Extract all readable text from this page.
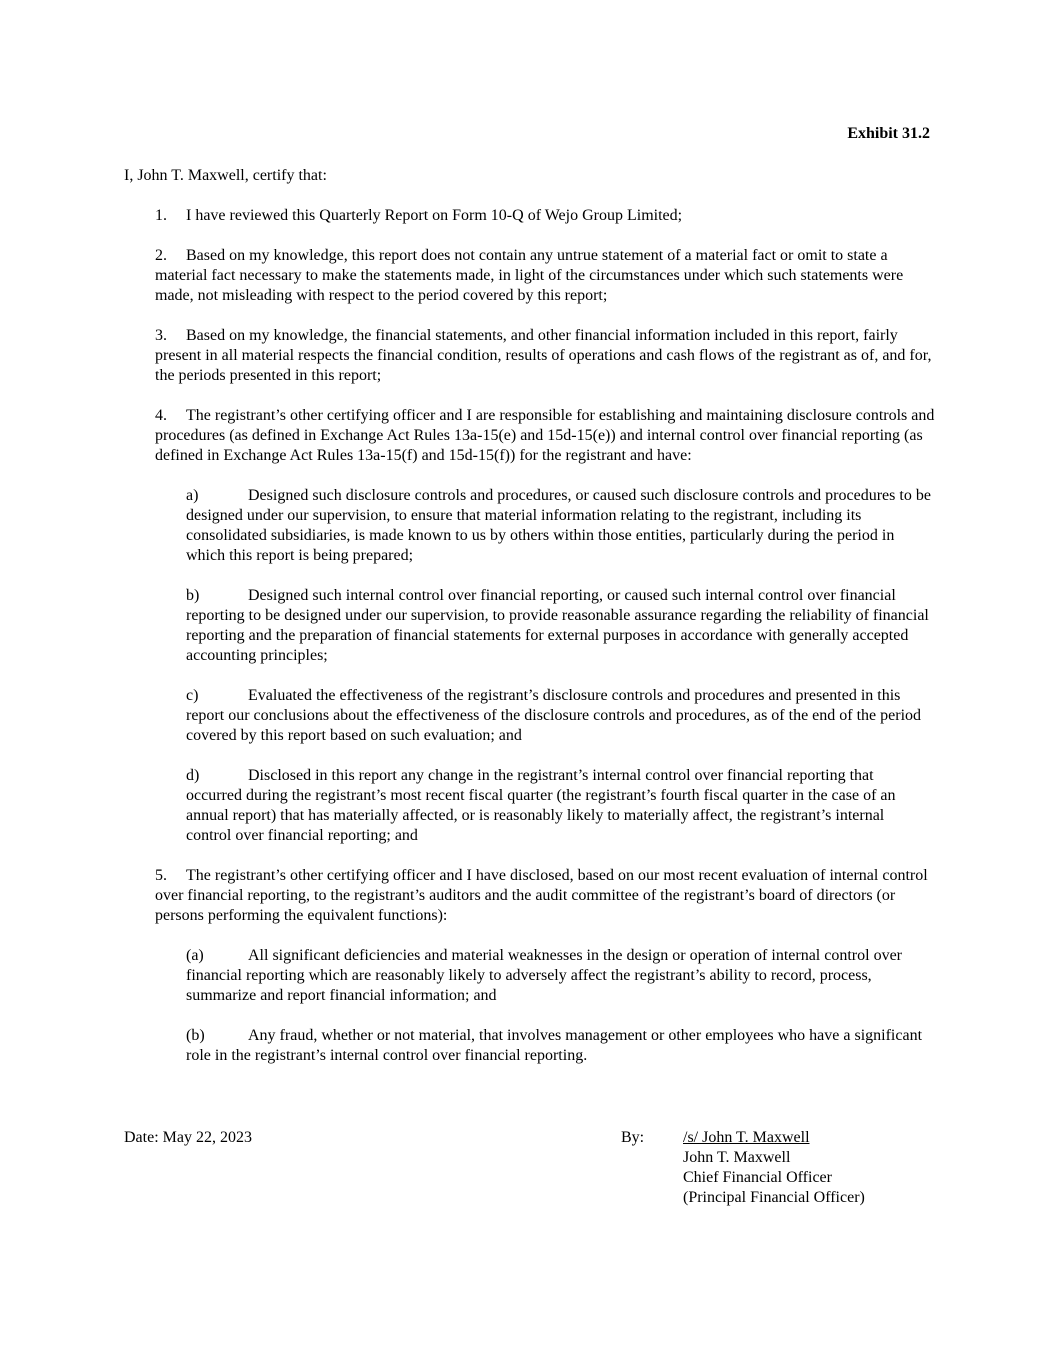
Exhibit 31.2
I, John T. Maxwell, certify that:
1. I have reviewed this Quarterly Report on Form 10-Q of Wejo Group Limited;
2. Based on my knowledge, this report does not contain any untrue statement of a material fact or omit to state a material fact necessary to make the statements made, in light of the circumstances under which such statements were made, not misleading with respect to the period covered by this report;
3. Based on my knowledge, the financial statements, and other financial information included in this report, fairly present in all material respects the financial condition, results of operations and cash flows of the registrant as of, and for, the periods presented in this report;
4. The registrant’s other certifying officer and I are responsible for establishing and maintaining disclosure controls and procedures (as defined in Exchange Act Rules 13a-15(e) and 15d-15(e)) and internal control over financial reporting (as defined in Exchange Act Rules 13a-15(f) and 15d-15(f)) for the registrant and have:
a)	Designed such disclosure controls and procedures, or caused such disclosure controls and procedures to be designed under our supervision, to ensure that material information relating to the registrant, including its consolidated subsidiaries, is made known to us by others within those entities, particularly during the period in which this report is being prepared;
b)	Designed such internal control over financial reporting, or caused such internal control over financial reporting to be designed under our supervision, to provide reasonable assurance regarding the reliability of financial reporting and the preparation of financial statements for external purposes in accordance with generally accepted accounting principles;
c)	Evaluated the effectiveness of the registrant’s disclosure controls and procedures and presented in this report our conclusions about the effectiveness of the disclosure controls and procedures, as of the end of the period covered by this report based on such evaluation; and
d)	Disclosed in this report any change in the registrant’s internal control over financial reporting that occurred during the registrant’s most recent fiscal quarter (the registrant’s fourth fiscal quarter in the case of an annual report) that has materially affected, or is reasonably likely to materially affect, the registrant’s internal control over financial reporting; and
5. The registrant’s other certifying officer and I have disclosed, based on our most recent evaluation of internal control over financial reporting, to the registrant’s auditors and the audit committee of the registrant’s board of directors (or persons performing the equivalent functions):
(a)	All significant deficiencies and material weaknesses in the design or operation of internal control over financial reporting which are reasonably likely to adversely affect the registrant’s ability to record, process, summarize and report financial information; and
(b)	Any fraud, whether or not material, that involves management or other employees who have a significant role in the registrant’s internal control over financial reporting.
Date: May 22, 2023	By: /s/ John T. Maxwell
John T. Maxwell
Chief Financial Officer
(Principal Financial Officer)
